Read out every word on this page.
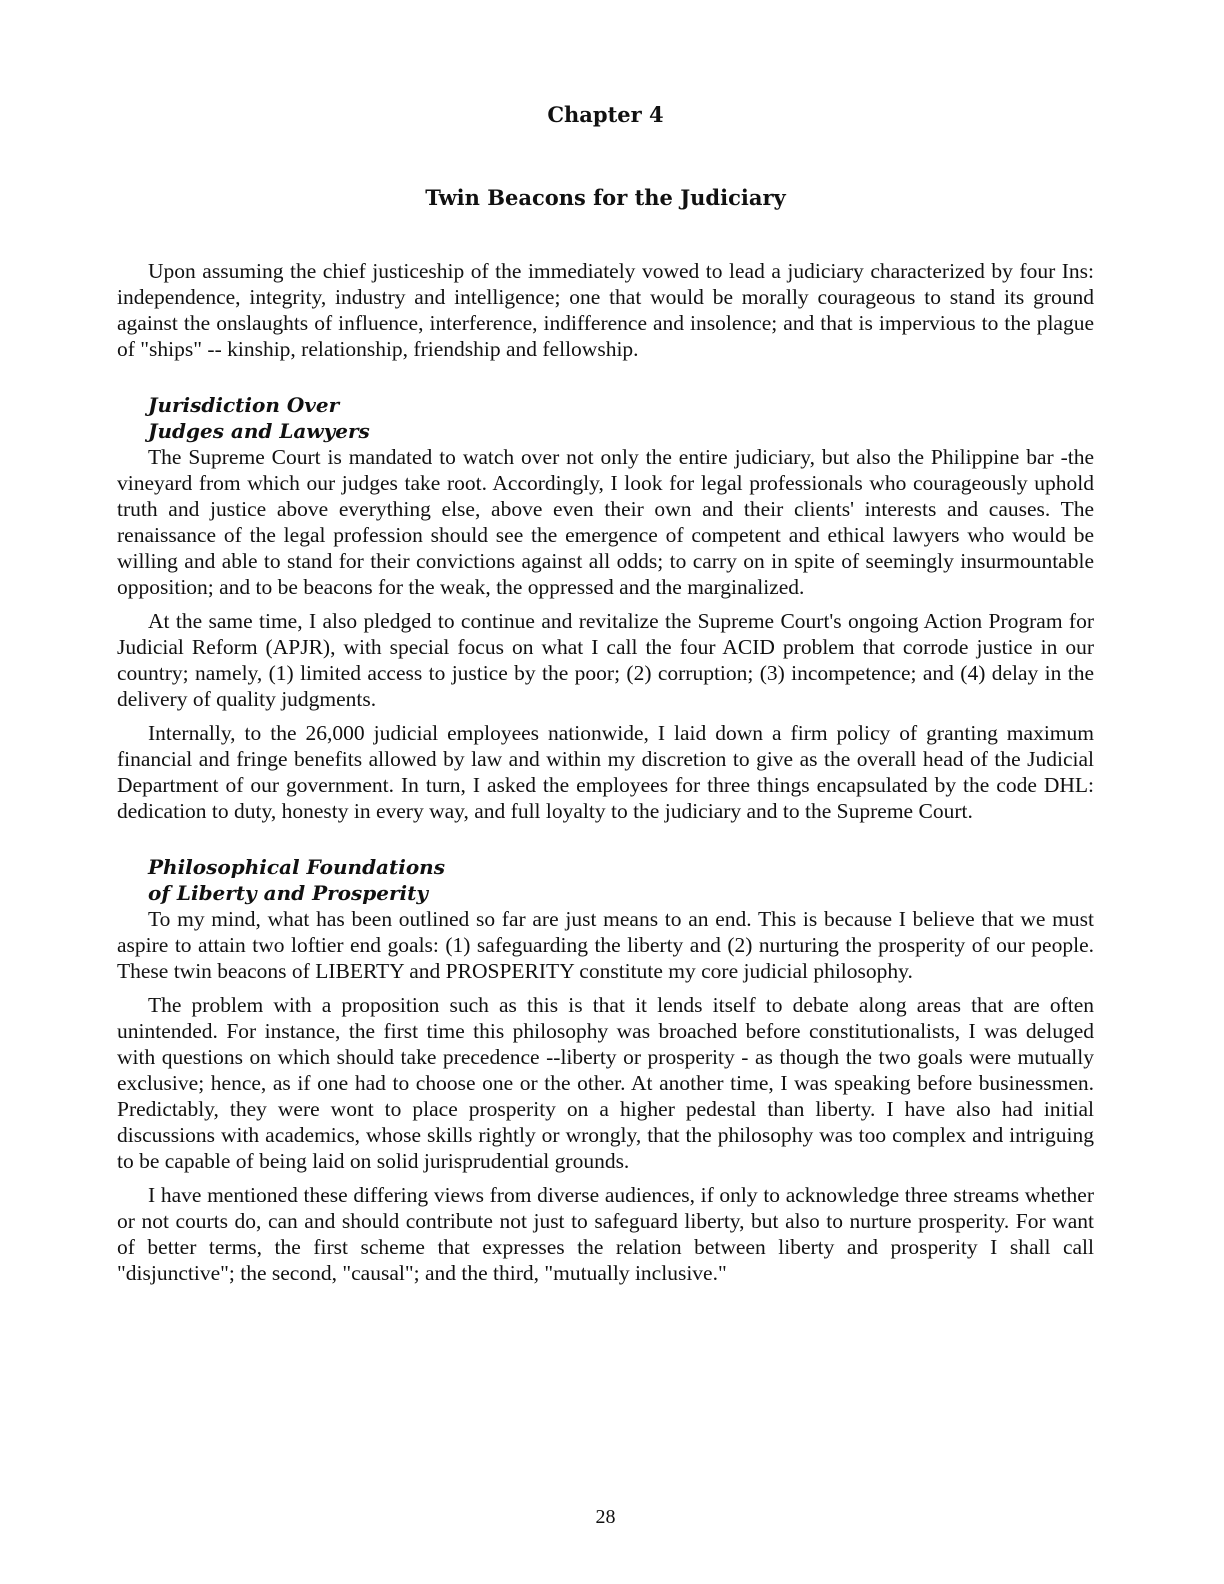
Chapter 4
Twin Beacons for the Judiciary

Upon assuming the chief justiceship of the immediately vowed to lead a judiciary characterized by four Ins: independence, integrity, industry and intelligence; one that would be morally courageous to stand its ground against the onslaughts of influence, interference, indifference and insolence; and that is impervious to the plague of "ships" -- kinship, relationship, friendship and fellowship.

Jurisdiction Over
Judges and Lawyers

The Supreme Court is mandated to watch over not only the entire judiciary, but also the Philippine bar -the vineyard from which our judges take root. Accordingly, I look for legal professionals who courageously uphold truth and justice above everything else, above even their own and their clients' interests and causes. The renaissance of the legal profession should see the emergence of competent and ethical lawyers who would be willing and able to stand for their convictions against all odds; to carry on in spite of seemingly insurmountable opposition; and to be beacons for the weak, the oppressed and the marginalized.

At the same time, I also pledged to continue and revitalize the Supreme Court's ongoing Action Program for Judicial Reform (APJR), with special focus on what I call the four ACID problem that corrode justice in our country; namely, (1) limited access to justice by the poor; (2) corruption; (3) incompetence; and (4) delay in the delivery of quality judgments.

Internally, to the 26,000 judicial employees nationwide, I laid down a firm policy of granting maximum financial and fringe benefits allowed by law and within my discretion to give as the overall head of the Judicial Department of our government. In turn, I asked the employees for three things encapsulated by the code DHL: dedication to duty, honesty in every way, and full loyalty to the judiciary and to the Supreme Court.

Philosophical Foundations
of Liberty and Prosperity

To my mind, what has been outlined so far are just means to an end. This is because I believe that we must aspire to attain two loftier end goals: (1) safeguarding the liberty and (2) nurturing the prosperity of our people. These twin beacons of LIBERTY and PROSPERITY constitute my core judicial philosophy.

The problem with a proposition such as this is that it lends itself to debate along areas that are often unintended. For instance, the first time this philosophy was broached before constitutionalists, I was deluged with questions on which should take precedence --liberty or prosperity - as though the two goals were mutually exclusive; hence, as if one had to choose one or the other. At another time, I was speaking before businessmen. Predictably, they were wont to place prosperity on a higher pedestal than liberty. I have also had initial discussions with academics, whose skills rightly or wrongly, that the philosophy was too complex and intriguing to be capable of being laid on solid jurisprudential grounds.

I have mentioned these differing views from diverse audiences, if only to acknowledge three streams whether or not courts do, can and should contribute not just to safeguard liberty, but also to nurture prosperity. For want of better terms, the first scheme that expresses the relation between liberty and prosperity I shall call "disjunctive"; the second, "causal"; and the third, "mutually inclusive."

28
